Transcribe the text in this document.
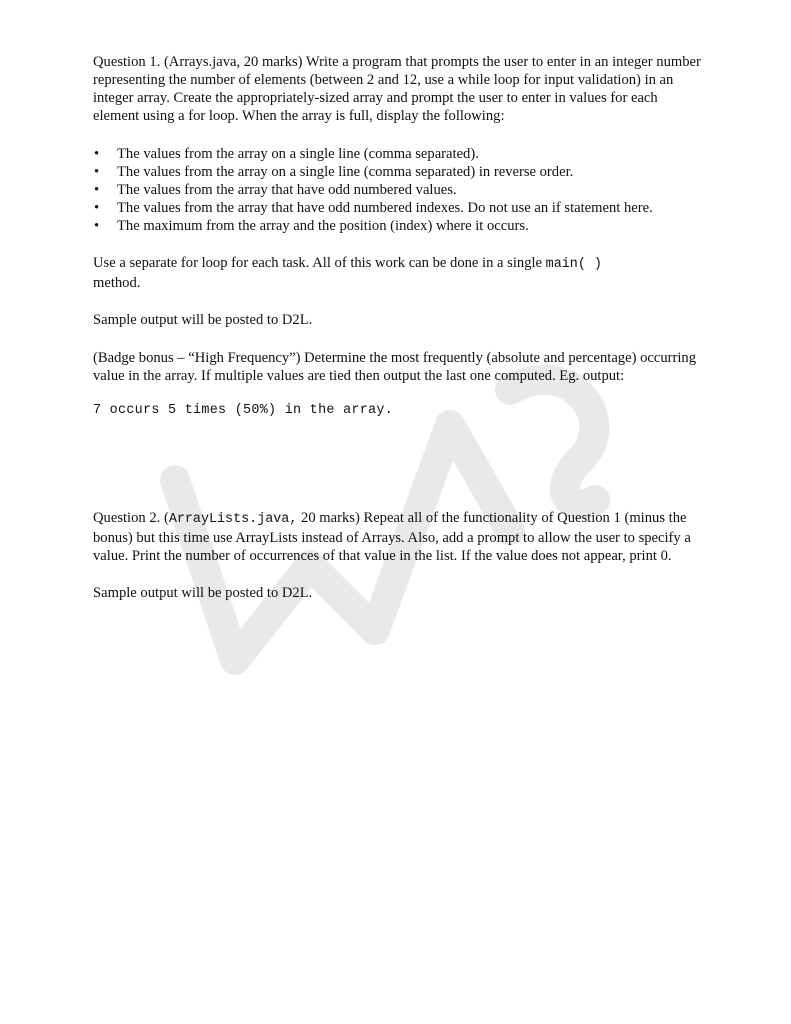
Question 1. (Arrays.java, 20 marks) Write a program that prompts the user to enter in an integer number representing the number of elements (between 2 and 12, use a while loop for input validation) in an integer array. Create the appropriately-sized array and prompt the user to enter in values for each element using a for loop. When the array is full, display the following:

• The values from the array on a single line (comma separated).
• The values from the array on a single line (comma separated) in reverse order.
• The values from the array that have odd numbered values.
• The values from the array that have odd numbered indexes. Do not use an if statement here.
• The maximum from the array and the position (index) where it occurs.

Use a separate for loop for each task. All of this work can be done in a single main( )
method.

Sample output will be posted to D2L.

(Badge bonus – “High Frequency”) Determine the most frequently (absolute and percentage) occurring value in the array. If multiple values are tied then output the last one computed. Eg. output:

7 occurs 5 times (50%) in the array.

Question 2. (ArrayLists.java, 20 marks) Repeat all of the functionality of Question 1 (minus the bonus) but this time use ArrayLists instead of Arrays. Also, add a prompt to allow the user to specify a value. Print the number of occurrences of that value in the list. If the value does not appear, print 0.

Sample output will be posted to D2L.
